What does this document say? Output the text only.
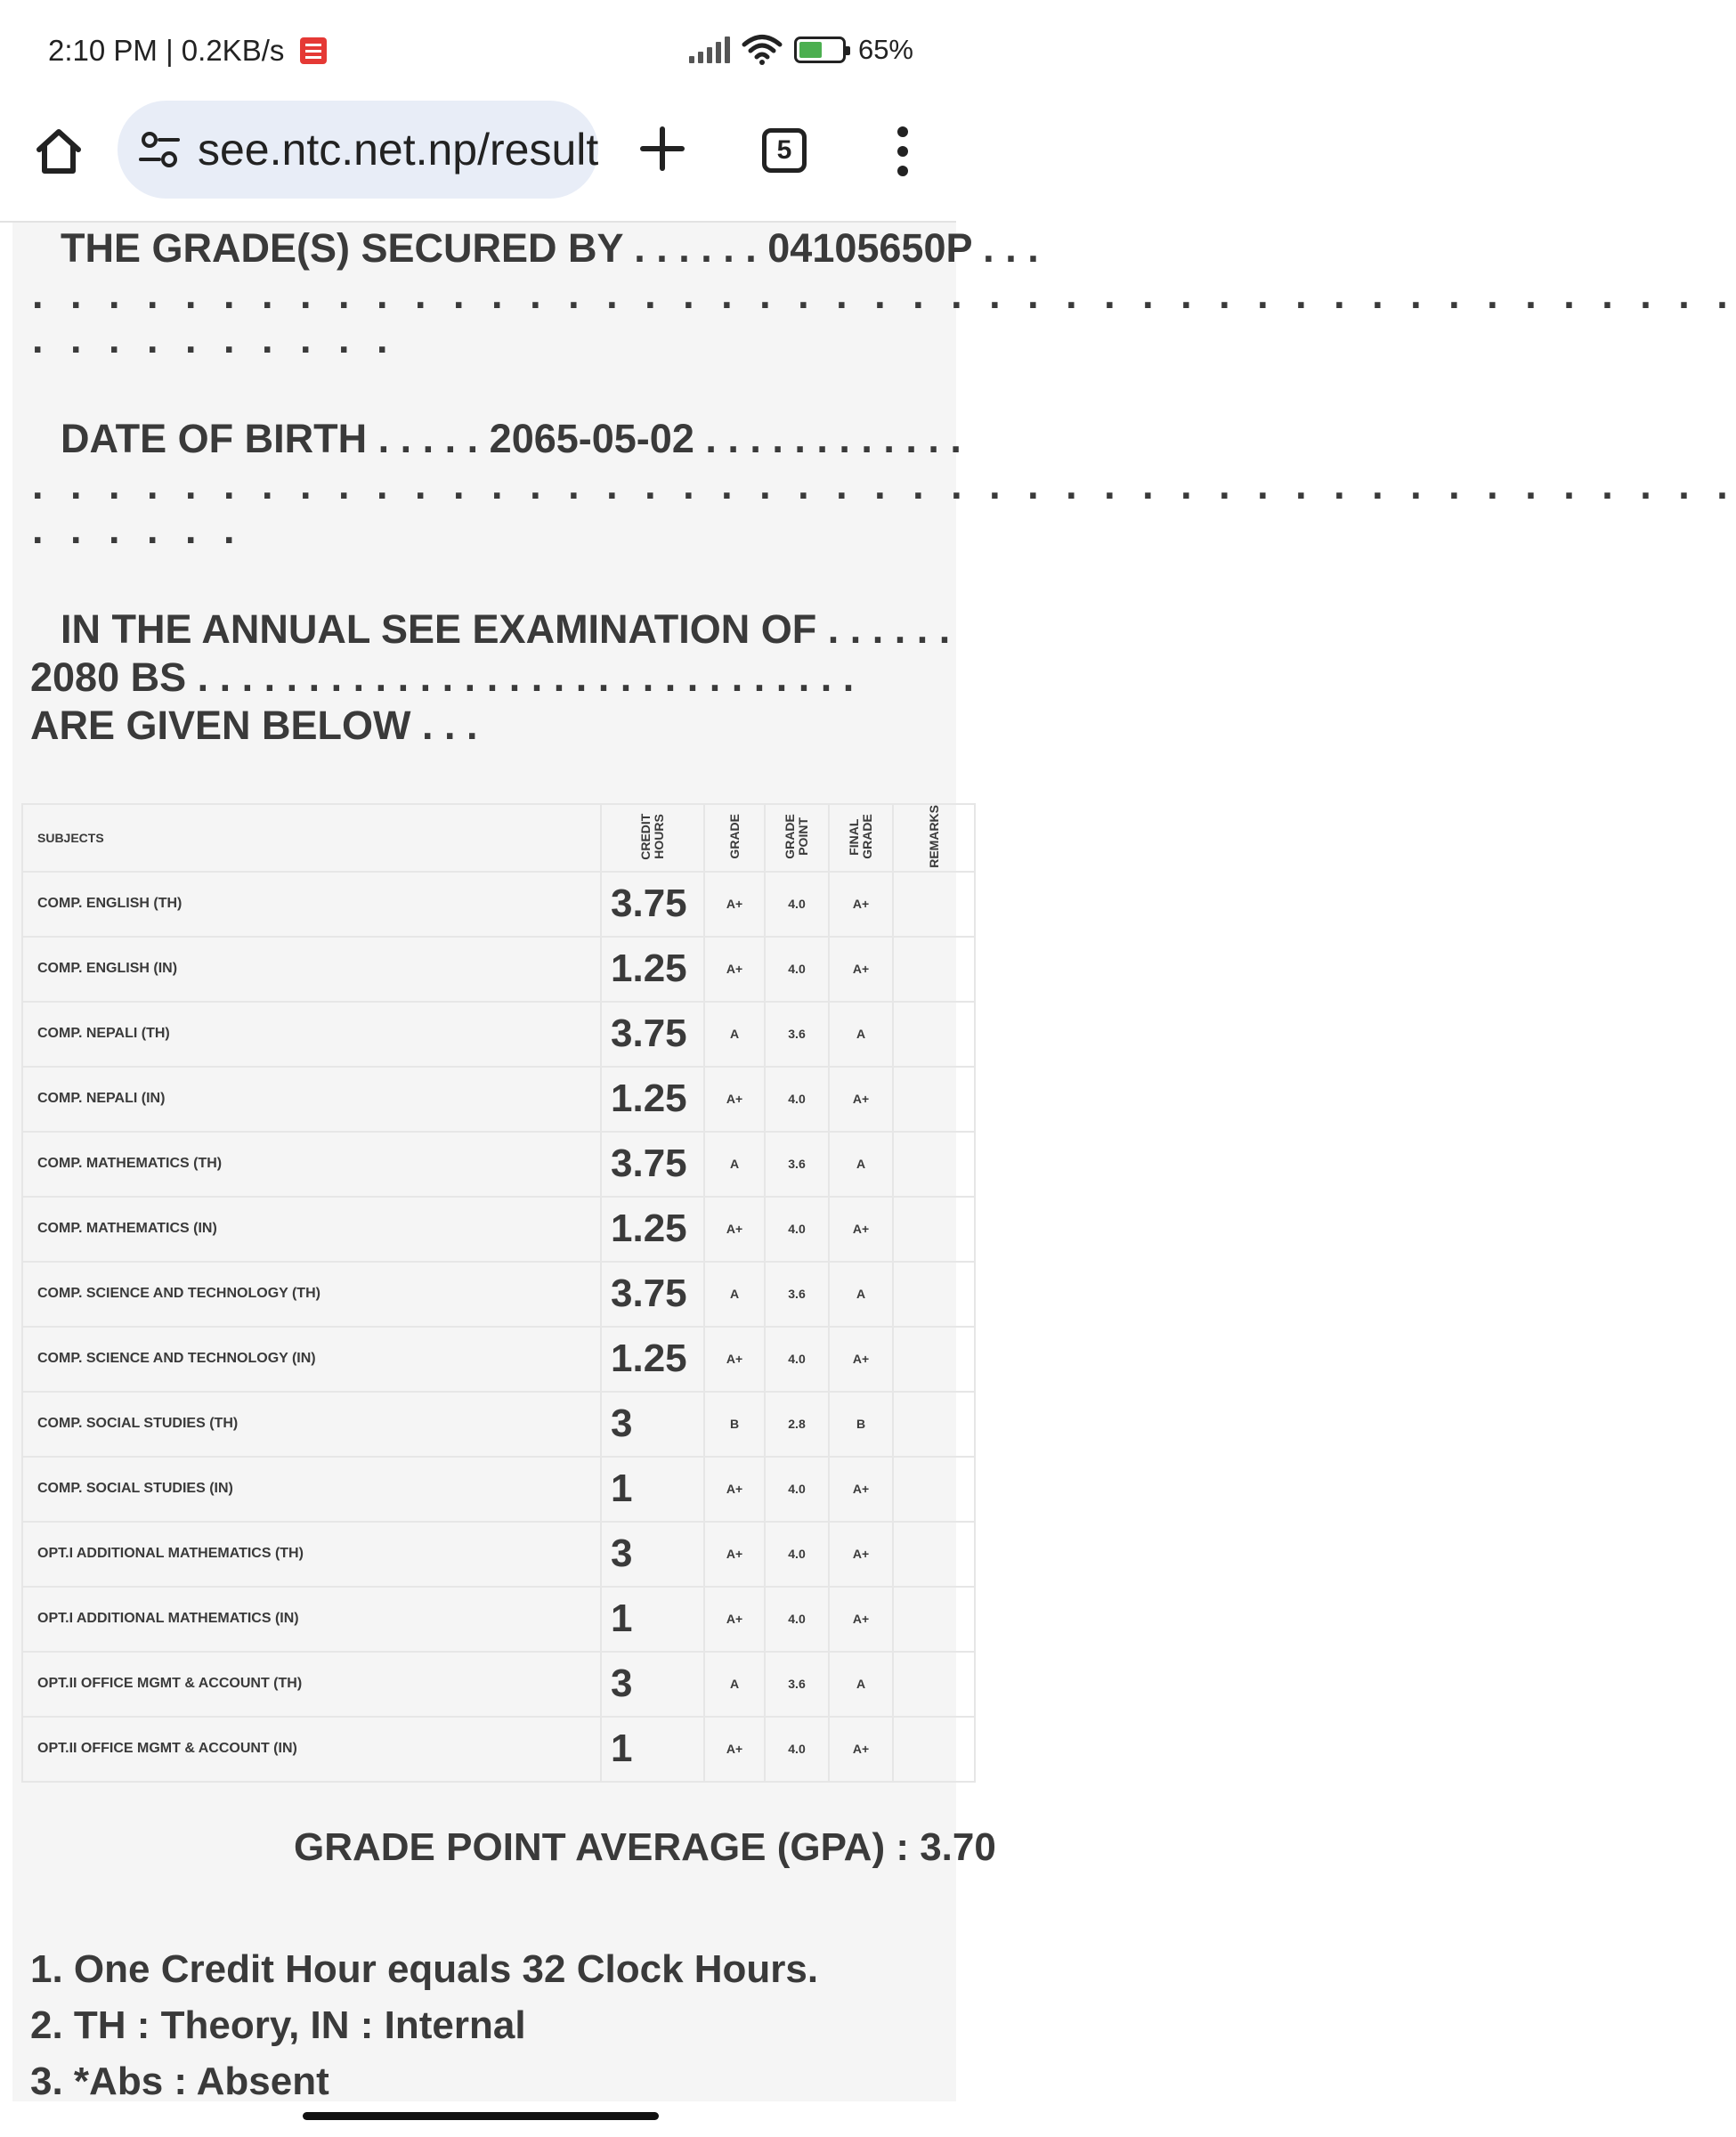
2:10 PM | 0.2KB/s	65%
see.ntc.net.np/result	5
THE GRADE(S) SECURED BY . . . . . . 04105650P . . .
. . . . . . . . . . . . . . . . . . . . . . . . . . . . . . . . . . . . . . . . . . . . .
. . . . . . . . . .
DATE OF BIRTH . . . . . 2065-05-02 . . . . . . . . . . . .
. . . . . . . . . . . . . . . . . . . . . . . . . . . . . . . . . . . . . . . . . . . . .
. . . . . .
IN THE ANNUAL SEE EXAMINATION OF . . . . . .
2080 BS . . . . . . . . . . . . . . . . . . . . . . . . . . . . . .
ARE GIVEN BELOW . . .
SUBJECTS	CREDIT HOURS	GRADE	GRADE POINT	FINAL GRADE	REMARKS
COMP. ENGLISH (TH)	3.75	A+	4.0	A+	
COMP. ENGLISH (IN)	1.25	A+	4.0	A+	
COMP. NEPALI (TH)	3.75	A	3.6	A	
COMP. NEPALI (IN)	1.25	A+	4.0	A+	
COMP. MATHEMATICS (TH)	3.75	A	3.6	A	
COMP. MATHEMATICS (IN)	1.25	A+	4.0	A+	
COMP. SCIENCE AND TECHNOLOGY (TH)	3.75	A	3.6	A	
COMP. SCIENCE AND TECHNOLOGY (IN)	1.25	A+	4.0	A+	
COMP. SOCIAL STUDIES (TH)	3	B	2.8	B	
COMP. SOCIAL STUDIES (IN)	1	A+	4.0	A+	
OPT.I ADDITIONAL MATHEMATICS (TH)	3	A+	4.0	A+	
OPT.I ADDITIONAL MATHEMATICS (IN)	1	A+	4.0	A+	
OPT.II OFFICE MGMT & ACCOUNT (TH)	3	A	3.6	A	
OPT.II OFFICE MGMT & ACCOUNT (IN)	1	A+	4.0	A+	
GRADE POINT AVERAGE (GPA) : 3.70
1. One Credit Hour equals 32 Clock Hours.
2. TH : Theory, IN : Internal
3. *Abs : Absent
